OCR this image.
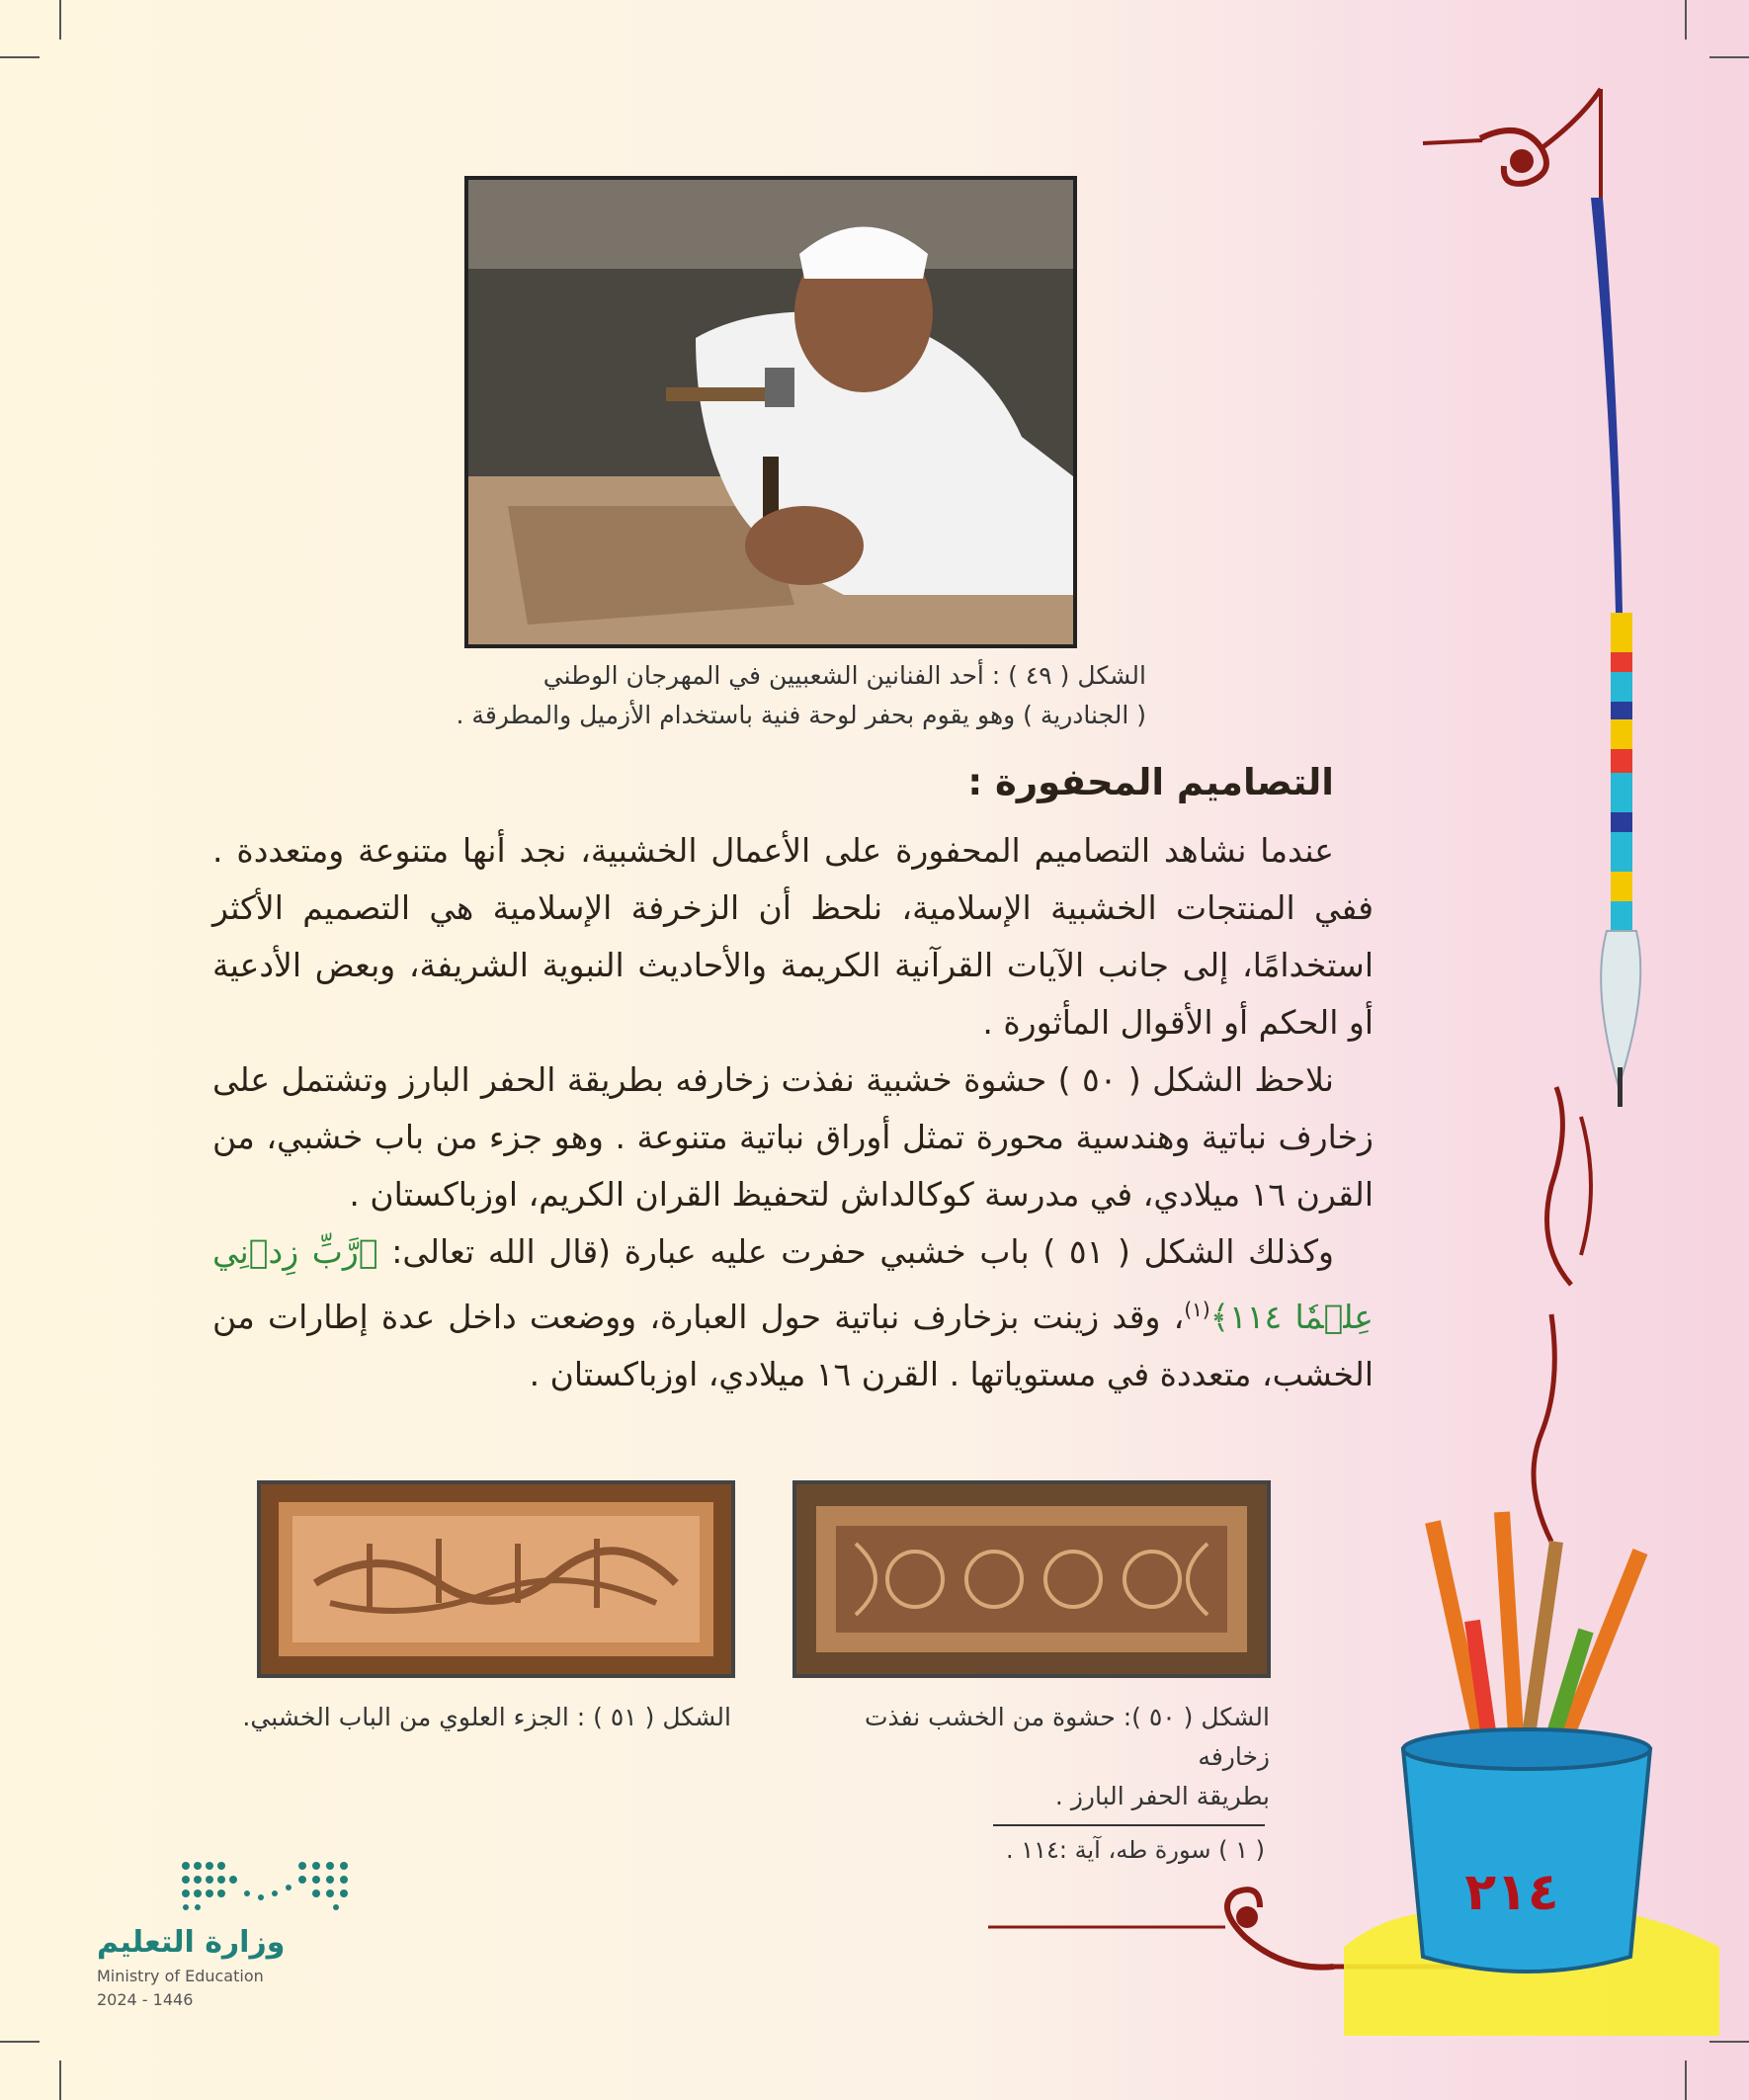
الشكل ( ٤٩ ) : أحد الفنانين الشعبيين في المهرجان الوطني
( الجنادرية ) وهو يقوم بحفر لوحة فنية باستخدام الأزميل والمطرقة .
التصاميم المحفورة :

عندما نشاهد التصاميم المحفورة على الأعمال الخشبية، نجد أنها متنوعة ومتعددة . ففي المنتجات الخشبية الإسلامية، نلحظ أن الزخرفة الإسلامية هي التصميم الأكثر استخدامًا، إلى جانب الآيات القرآنية الكريمة والأحاديث النبوية الشريفة، وبعض الأدعية أو الحكم أو الأقوال المأثورة .

نلاحظ الشكل ( ٥٠ ) حشوة خشبية نفذت زخارفه بطريقة الحفر البارز وتشتمل على زخارف نباتية وهندسية محورة تمثل أوراق نباتية متنوعة . وهو جزء من باب خشبي، من القرن ١٦ ميلادي، في مدرسة كوكالداش لتحفيظ القران الكريم، اوزباكستان .

وكذلك الشكل ( ٥١ ) باب خشبي حفرت عليه عبارة (قال الله تعالى: ﴿رَّبِّ زِدۡنِي عِلۡمٗا ١١٤﴾$^{(١)}$، وقد زينت بزخارف نباتية حول العبارة، ووضعت داخل عدة إطارات من الخشب، متعددة في مستوياتها . القرن ١٦ ميلادي، اوزباكستان .

الشكل ( ٥١ ) : الجزء العلوي من الباب الخشبي.	الشكل ( ٥٠ ): حشوة من الخشب نفذت زخارفه
بطريقة الحفر البارز .
( ١ ) سورة طه، آية :١١٤ .
٢١٤
وزارة التعليم
Ministry of Education
2024 - 1446
